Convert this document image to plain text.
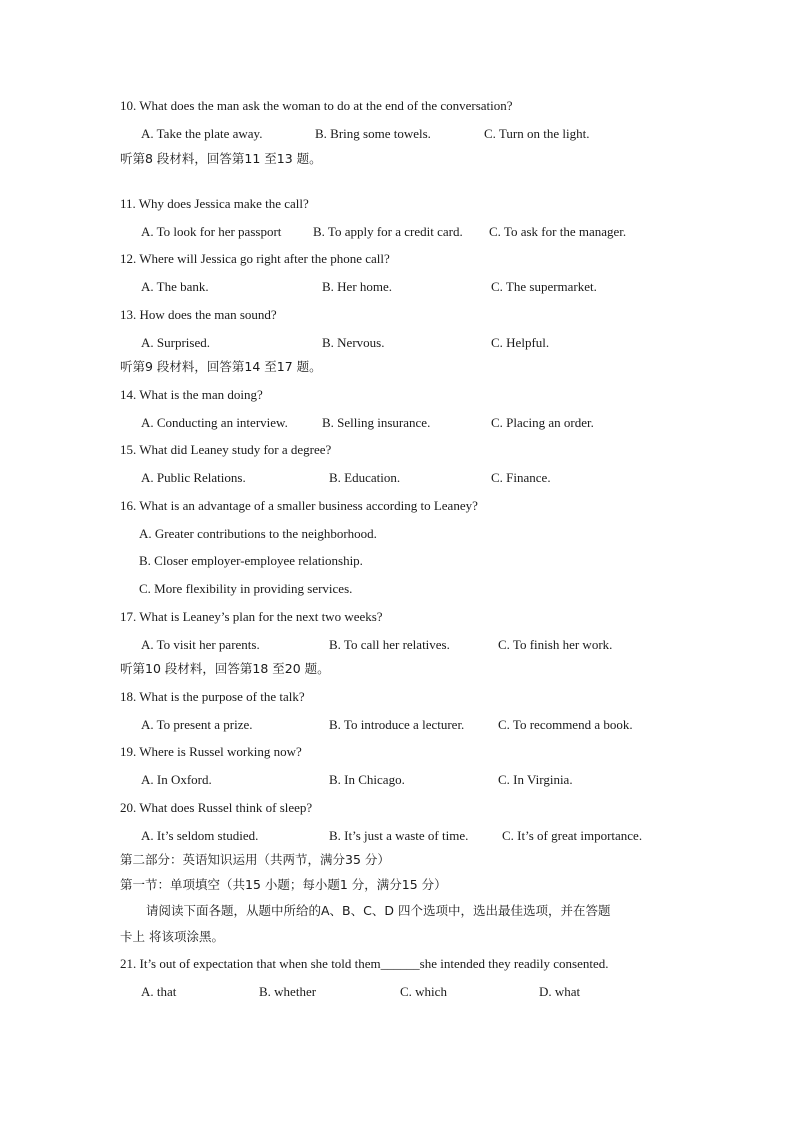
10. What does the man ask the woman to do at the end of the conversation?
A. Take the plate away.	B. Bring some towels.	C. Turn on the light.
听第8 段材料，回答第11 至13 题。
11. Why does Jessica make the call?
A. To look for her passport B. To apply for a credit card. C. To ask for the manager.
12. Where will Jessica go right after the phone call?
A. The bank.	B. Her home.	C. The supermarket.
13. How does the man sound?
A. Surprised.	B. Nervous.	C. Helpful.
听第9 段材料，回答第14 至17 题。
14. What is the man doing?
A. Conducting an interview.	B. Selling insurance.	C. Placing an order.
15. What did Leaney study for a degree?
A. Public Relations.	B. Education.	C. Finance.
16. What is an advantage of a smaller business according to Leaney?
A. Greater contributions to the neighborhood.
B. Closer employer-employee relationship.
C. More flexibility in providing services.
17. What is Leaney’s plan for the next two weeks?
A. To visit her parents.	B. To call her relatives.	C. To finish her work.
听第10 段材料，回答第18 至20 题。
18. What is the purpose of the talk?
A. To present a prize.	B. To introduce a lecturer.	C. To recommend a book.
19. Where is Russel working now?
A. In Oxford.	B. In Chicago.	C. In Virginia.
20. What does Russel think of sleep?
A. It’s seldom studied.	B. It’s just a waste of time.	C. It’s of great importance.
第二部分：英语知识运用（共两节，满分35 分）
第一节：单项填空（共15 小题；每小题1 分，满分15 分）
请阅读下面各题，从题中所给的A、B、C、D 四个选项中，选出最佳选项，并在答题
卡上 将该项涂黑。
21. It’s out of expectation that when she told them______she intended they readily consented.
A. that	B. whether	C. which	D. what
